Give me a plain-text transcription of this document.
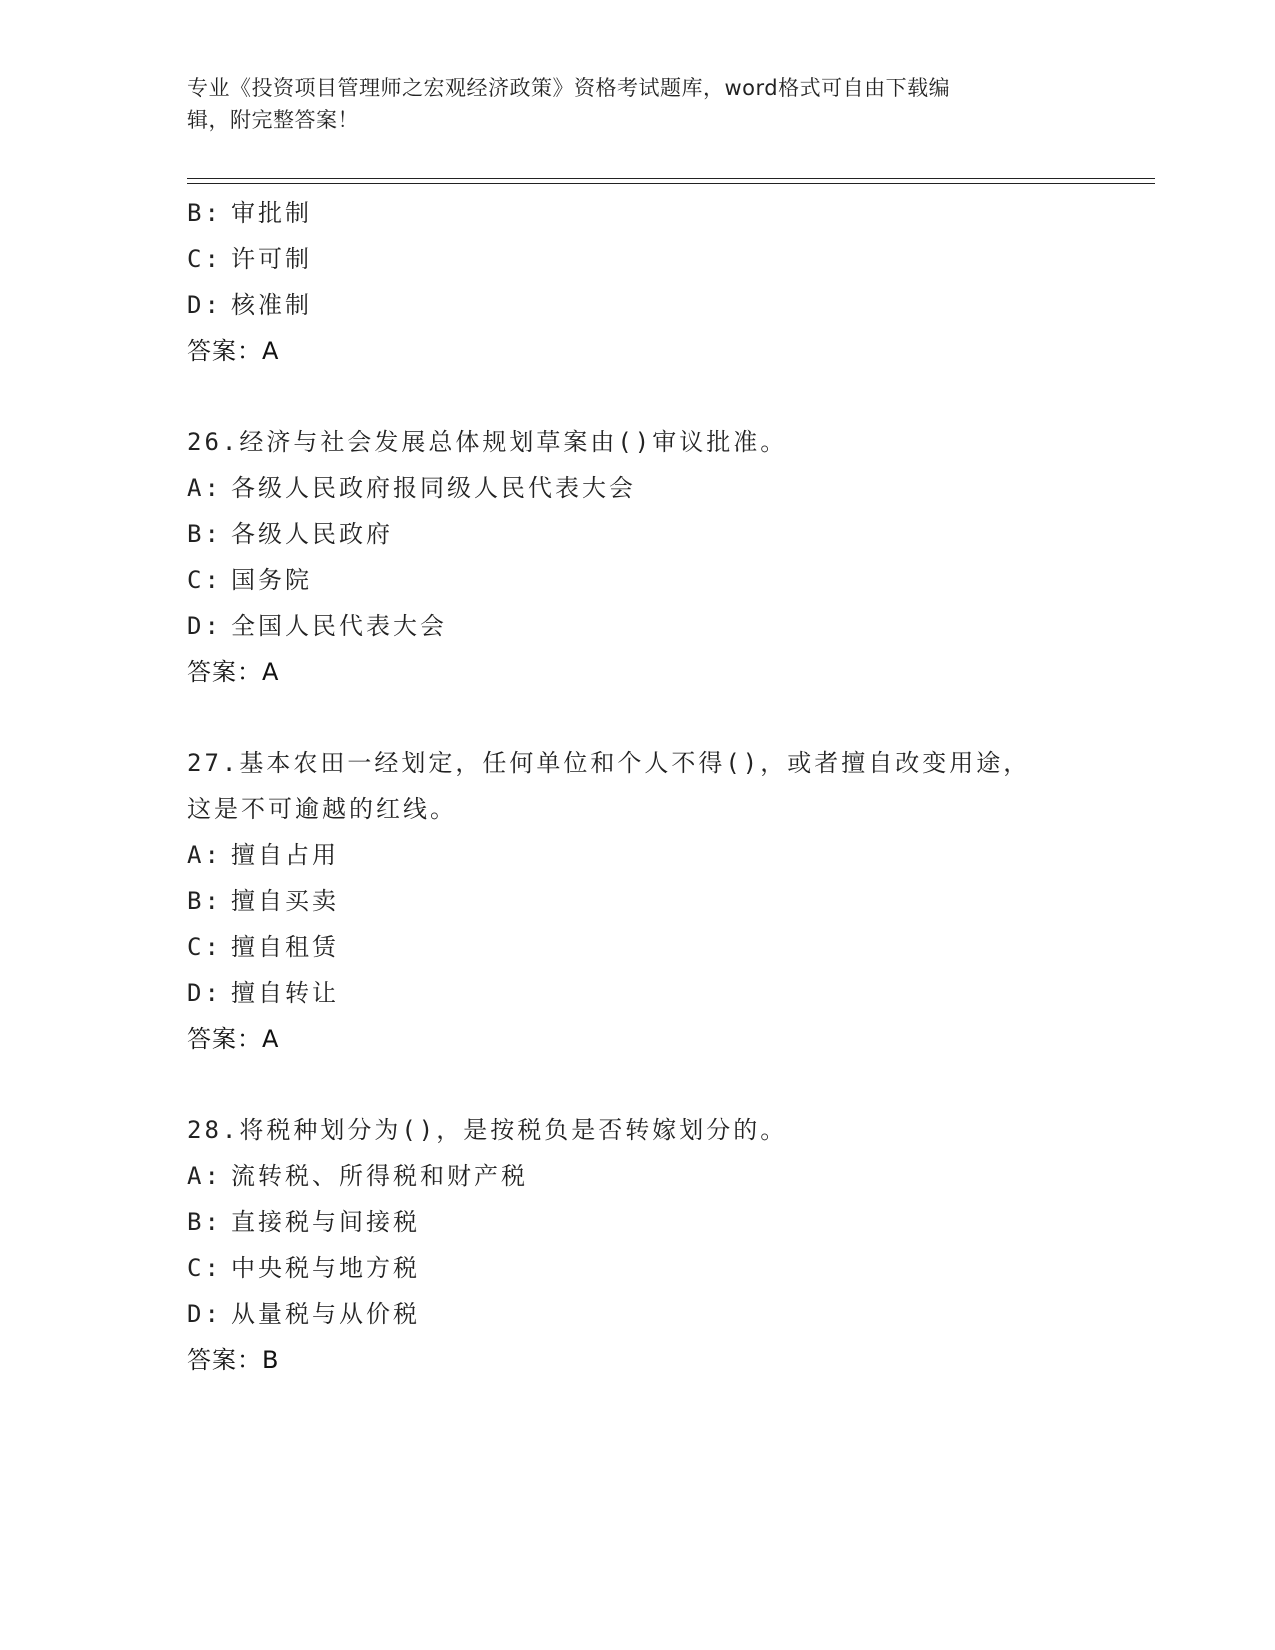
专业《投资项目管理师之宏观经济政策》资格考试题库，word格式可自由下载编
辑，附完整答案！
B: 审批制
C: 许可制
D: 核准制
答案：A
26.经济与社会发展总体规划草案由()审议批准。
A: 各级人民政府报同级人民代表大会
B: 各级人民政府
C: 国务院
D: 全国人民代表大会
答案：A
27.基本农田一经划定，任何单位和个人不得()，或者擅自改变用途，
这是不可逾越的红线。
A: 擅自占用
B: 擅自买卖
C: 擅自租赁
D: 擅自转让
答案：A
28.将税种划分为()，是按税负是否转嫁划分的。
A: 流转税、所得税和财产税
B: 直接税与间接税
C: 中央税与地方税
D: 从量税与从价税
答案：B
